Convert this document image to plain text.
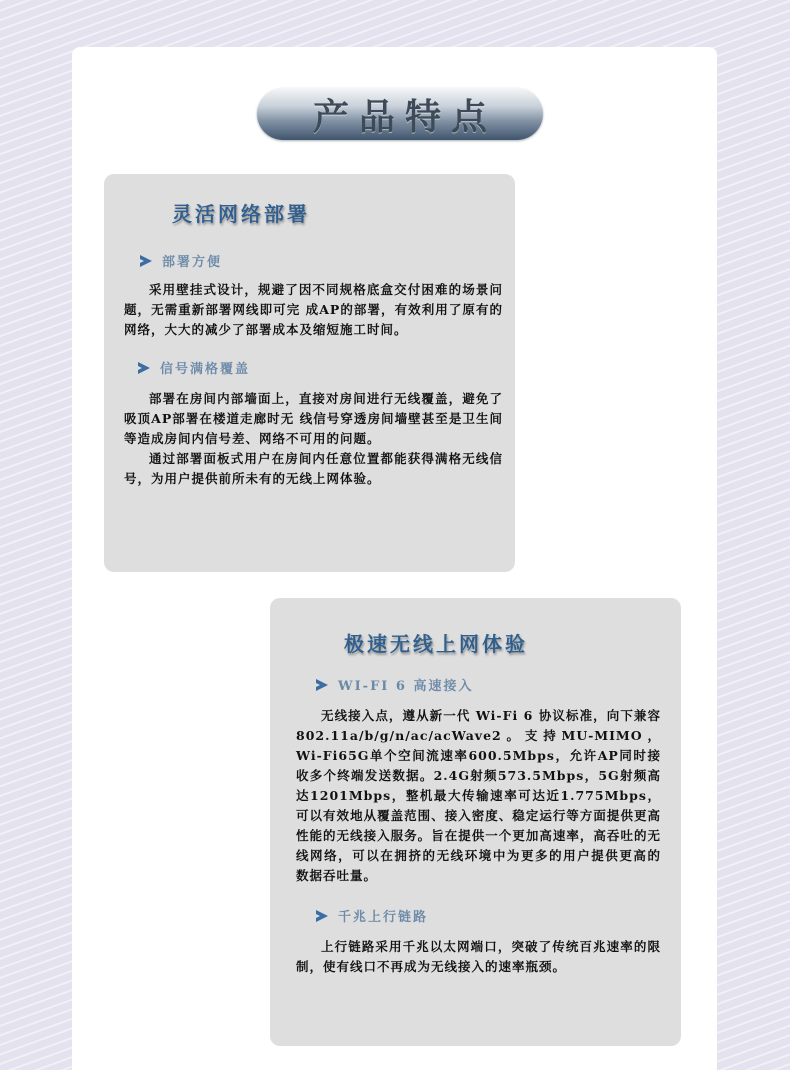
产品特点
灵活网络部署
部署方便

采用壁挂式设计，规避了因不同规格底盒交付困难的场景问题，无需重新部署网线即可完 成AP的部署，有效利用了原有的网络，大大的减少了部署成本及缩短施工时间。

信号满格覆盖

部署在房间内部墙面上，直接对房间进行无线覆盖，避免了吸顶AP部署在楼道走廊时无 线信号穿透房间墙壁甚至是卫生间等造成房间内信号差、网络不可用的问题。

通过部署面板式用户在房间内任意位置都能获得满格无线信号，为用户提供前所未有的无线上网体验。

极速无线上网体验
WI-FI 6 高速接入

无线接入点，遵从新一代 Wi-Fi 6 协议标准，向下兼容802.11a/b/g/n/ac/acWave2。支持MU-MIMO，Wi-Fi65G单个空间流速率600.5Mbps，允许AP同时接收多个终端发送数据。2.4G射频573.5Mbps，5G射频高达1201Mbps，整机最大传输速率可达近1.775Mbps，可以有效地从覆盖范围、接入密度、稳定运行等方面提供更高性能的无线接入服务。旨在提供一个更加高速率，高吞吐的无线网络，可以在拥挤的无线环境中为更多的用户提供更高的 数据吞吐量。

千兆上行链路

上行链路采用千兆以太网端口，突破了传统百兆速率的限制，使有线口不再成为无线接入的速率瓶颈。
